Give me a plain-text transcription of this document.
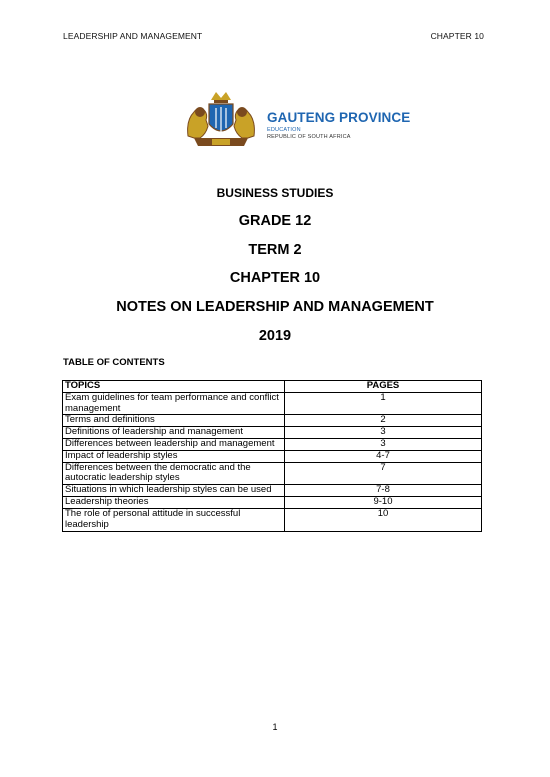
LEADERSHIP AND MANAGEMENT	CHAPTER 10
GAUTENG PROVINCE
EDUCATION
REPUBLIC OF SOUTH AFRICA
BUSINESS STUDIES
GRADE 12
TERM 2
CHAPTER 10
NOTES ON LEADERSHIP AND MANAGEMENT
2019
TABLE OF CONTENTS
TOPICS	PAGES
Exam guidelines for team performance and conflict management	1
Terms and definitions	2
Definitions of leadership and management	3
Differences between leadership and management	3
Impact of leadership styles	4-7
Differences between the democratic and the autocratic leadership styles	7
Situations in which leadership styles can be used	7-8
Leadership theories	9-10
The role of personal attitude in successful leadership	10
1
